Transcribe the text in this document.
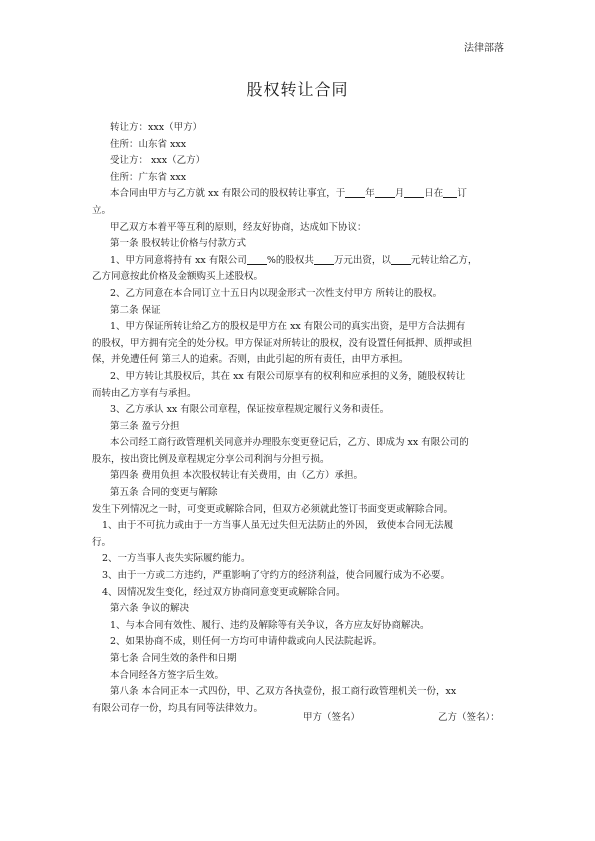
法律部落
股权转让合同

转让方：xxx（甲方）

住所：山东省 xxx

受让方： xxx（乙方）

住所：广东省 xxx

本合同由甲方与乙方就 xx 有限公司的股权转让事宜，于 年 月 日在 订

立。

甲乙双方本着平等互利的原则，经友好协商，达成如下协议：

第一条 股权转让价格与付款方式

1、甲方同意将持有 xx 有限公司 %的股权共 万元出资，以 元转让给乙方，

乙方同意按此价格及金额购买上述股权。

2、乙方同意在本合同订立十五日内以现金形式一次性支付甲方 所转让的股权。

第二条 保证

1、甲方保证所转让给乙方的股权是甲方在 xx 有限公司的真实出资，是甲方合法拥有

的股权，甲方拥有完全的处分权。甲方保证对所转让的股权，没有设置任何抵押、质押或担

保，并免遭任何 第三人的追索。否则，由此引起的所有责任，由甲方承担。

2、甲方转让其股权后，其在 xx 有限公司原享有的权利和应承担的义务，随股权转让

而转由乙方享有与承担。

3、乙方承认 xx 有限公司章程，保证按章程规定履行义务和责任。

第三条 盈亏分担

本公司经工商行政管理机关同意并办理股东变更登记后，乙方、即成为 xx 有限公司的

股东，按出资比例及章程规定分享公司利润与分担亏损。

第四条 费用负担 本次股权转让有关费用，由（乙方）承担。

第五条 合同的变更与解除

发生下列情况之一时，可变更或解除合同，但双方必须就此签订书面变更或解除合同。

1、由于不可抗力或由于一方当事人虽无过失但无法防止的外因， 致使本合同无法履

行。

2、一方当事人丧失实际履约能力。

3、由于一方或二方违约，严重影响了守约方的经济利益，使合同履行成为不必要。

4、因情况发生变化，经过双方协商同意变更或解除合同。

第六条 争议的解决

1、与本合同有效性、履行、违约及解除等有关争议，各方应友好协商解决。

2、如果协商不成，则任何一方均可申请仲裁或向人民法院起诉。

第七条 合同生效的条件和日期

本合同经各方签字后生效。

第八条 本合同正本一式四份，甲、乙双方各执壹份，报工商行政管理机关一份，xx

有限公司存一份，均具有同等法律效力。

甲方（签名）	乙方（签名）：
